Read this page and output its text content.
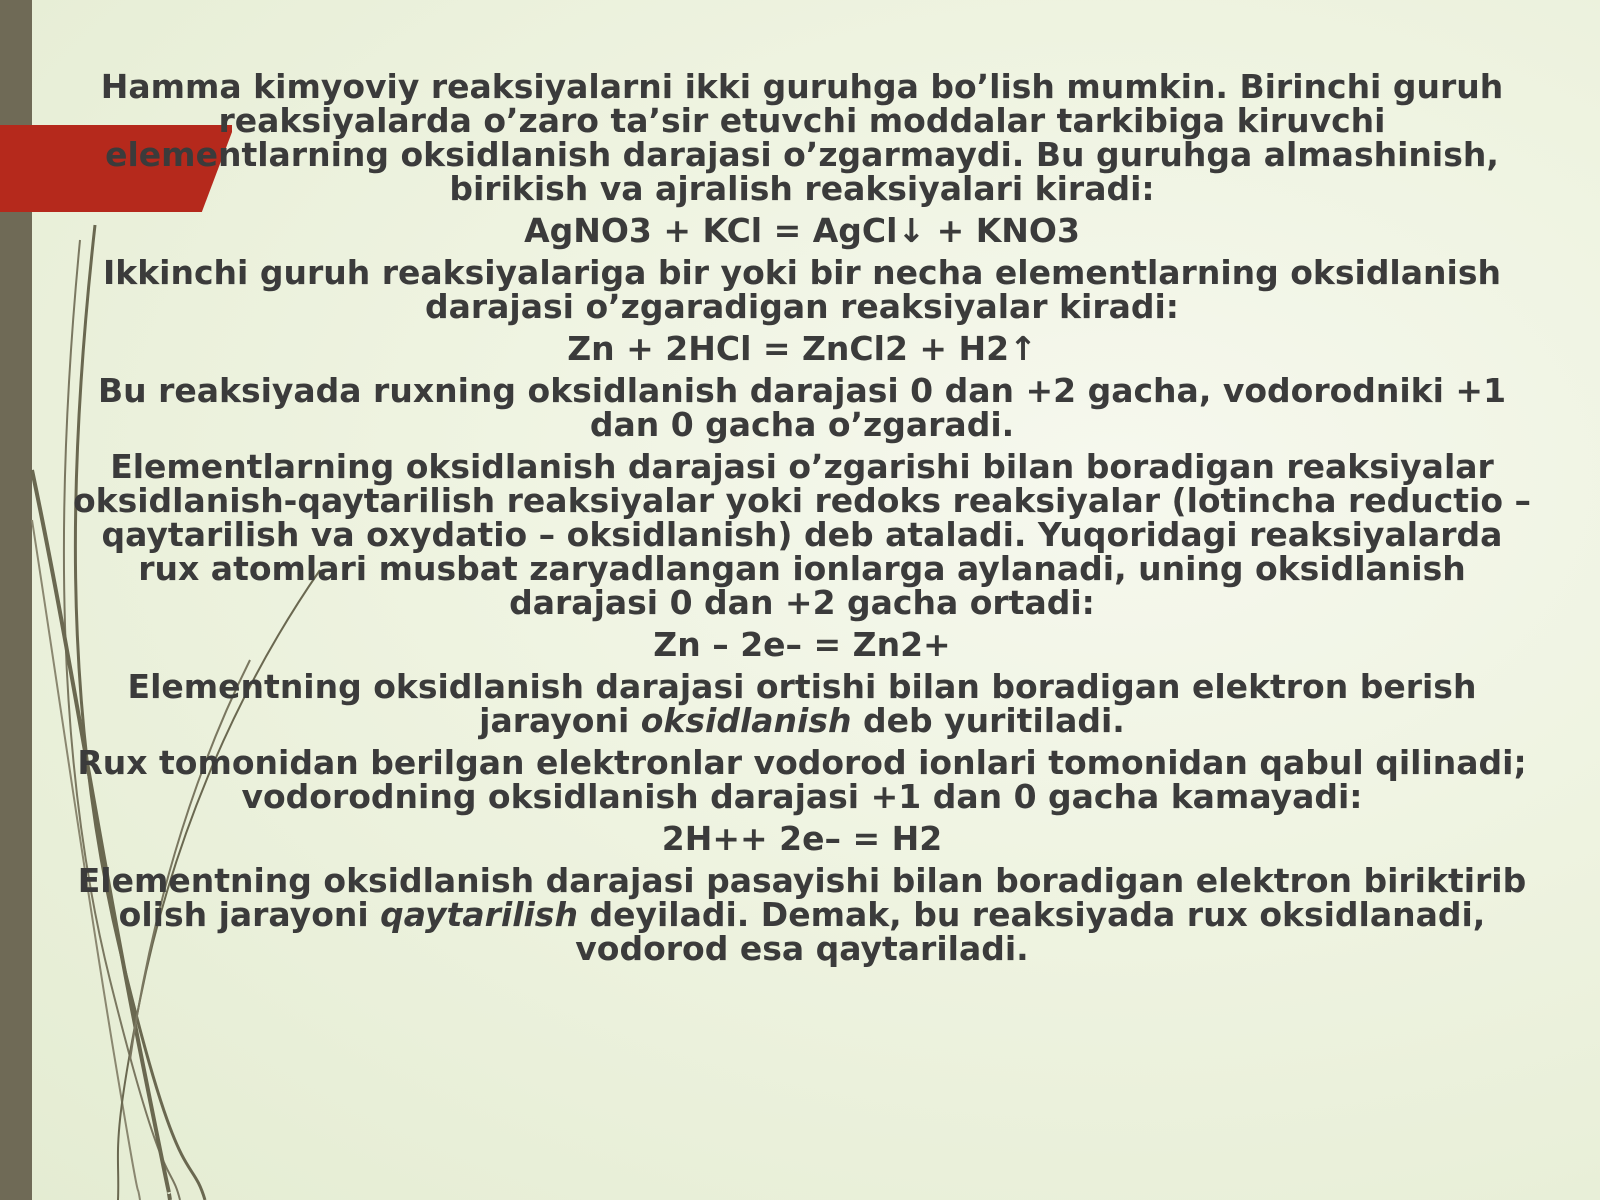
Hamma kimyoviy reaksiyalarni ikki guruhga bo’lish mumkin. Birinchi guruh reaksiyalarda o’zaro ta’sir etuvchi moddalar tarkibiga kiruvchi elementlarning oksidlanish darajasi o’zgarmaydi. Bu guruhga almashinish, birikish va ajralish reaksiyalari kiradi:
AgNO3 + KCl = AgCl↓ + KNO3
Ikkinchi guruh reaksiyalariga bir yoki bir necha elementlarning oksidlanish darajasi o’zgaradigan reaksiyalar kiradi:
Zn + 2HCl = ZnCl2 + H2↑
Bu reaksiyada ruxning oksidlanish darajasi 0 dan +2 gacha, vodorodniki +1 dan 0 gacha o’zgaradi.
Elementlarning oksidlanish darajasi o’zgarishi bilan boradigan reaksiyalar oksidlanish-qaytarilish reaksiyalar yoki redoks reaksiyalar (lotincha reductio – qaytarilish va oxydatio – oksidlanish) deb ataladi. Yuqoridagi reaksiyalarda rux atomlari musbat zaryadlangan ionlarga aylanadi, uning oksidlanish darajasi 0 dan +2 gacha ortadi:
Zn – 2e– = Zn2+
Elementning oksidlanish darajasi ortishi bilan boradigan elektron berish jarayoni oksidlanish deb yuritiladi.
Rux tomonidan berilgan elektronlar vodorod ionlari tomonidan qabul qilinadi; vodorodning oksidlanish darajasi +1 dan 0 gacha kamayadi:
2H++ 2e– = H2
Elementning oksidlanish darajasi pasayishi bilan boradigan elektron biriktirib olish jarayoni qaytarilish deyiladi. Demak, bu reaksiyada rux oksidlanadi, vodorod esa qaytariladi.
